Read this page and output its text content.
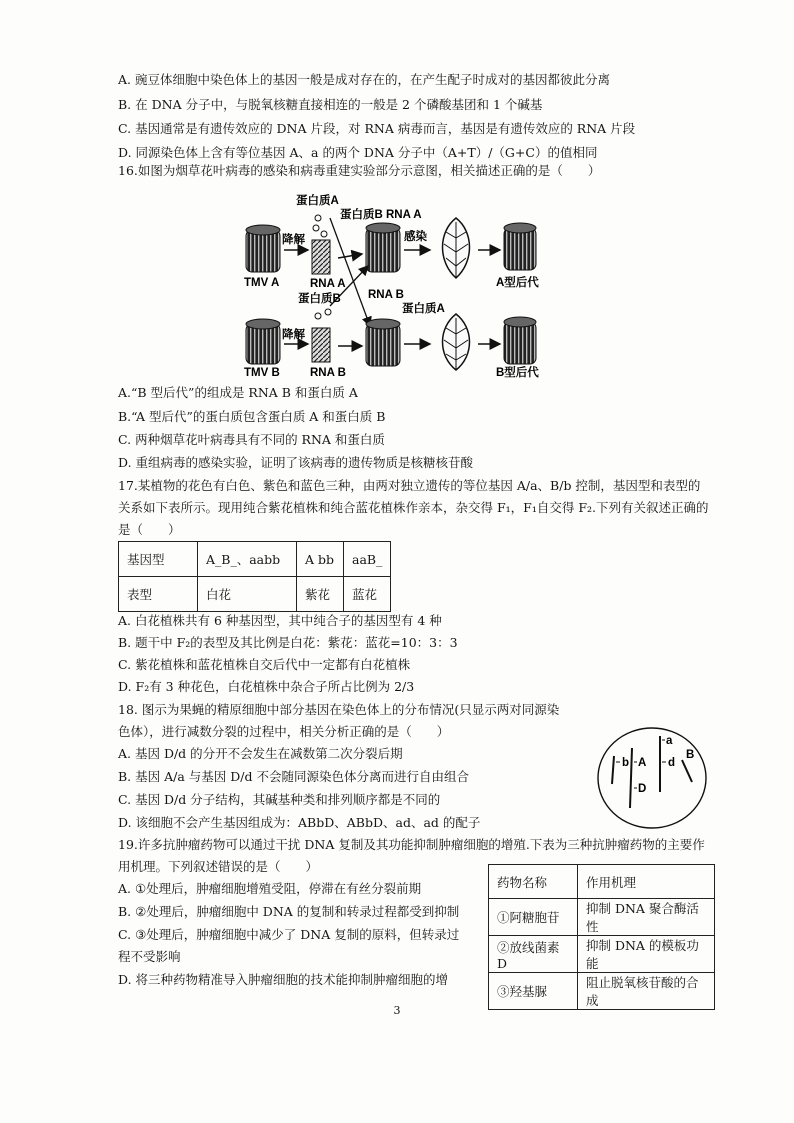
A. 豌豆体细胞中染色体上的基因一般是成对存在的，在产生配子时成对的基因都彼此分离
B. 在 DNA 分子中，与脱氧核糖直接相连的一般是 2 个磷酸基团和 1 个碱基
C. 基因通常是有遗传效应的 DNA 片段，对 RNA 病毒而言，基因是有遗传效应的 RNA 片段
D. 同源染色体上含有等位基因 A、a 的两个 DNA 分子中（A+T）/（G+C）的值相同
16.如图为烟草花叶病毒的感染和病毒重建实验部分示意图，相关描述正确的是（　　）
TMV A
降解
蛋白质A
RNA A
蛋白质B RNA A
感染
A型后代
蛋白质B RNA B
蛋白质A
TMV B
降解
RNA B	B型后代
A.“B 型后代”的组成是 RNA B 和蛋白质 A
B.“A 型后代”的蛋白质包含蛋白质 A 和蛋白质 B
C. 两种烟草花叶病毒具有不同的 RNA 和蛋白质
D. 重组病毒的感染实验，证明了该病毒的遗传物质是核糖核苷酸
17.某植物的花色有白色、紫色和蓝色三种，由两对独立遗传的等位基因 A/a、B/b 控制，基因型和表型的
关系如下表所示。现用纯合紫花植株和纯合蓝花植株作亲本，杂交得 F₁，F₁自交得 F₂.下列有关叙述正确的
是（　　）
基因型	A_B_、aabb	A bb	aaB_
表型	白花	紫花	蓝花
A. 白花植株共有 6 种基因型，其中纯合子的基因型有 4 种
B. 题干中 F₂的表型及其比例是白花：紫花：蓝花=10：3：3
C. 紫花植株和蓝花植株自交后代中一定都有白花植株
D. F₂有 3 种花色，白花植株中杂合子所占比例为 2/3
18. 图示为果蝇的精原细胞中部分基因在染色体上的分布情况(只显示两对同源染
色体），进行减数分裂的过程中，相关分析正确的是（　　）
b A
D
a
d
B
A. 基因 D/d 的分开不会发生在减数第二次分裂后期
B. 基因 A/a 与基因 D/d 不会随同源染色体分离而进行自由组合
C. 基因 D/d 分子结构，其碱基种类和排列顺序都是不同的
D. 该细胞不会产生基因组成为：ABbD、ABbD、ad、ad 的配子
19.许多抗肿瘤药物可以通过干扰 DNA 复制及其功能抑制肿瘤细胞的增殖.下表为三种抗肿瘤药物的主要作
用机理。下列叙述错误的是（　　）
药物名称	作用机理
①阿糖胞苷	抑制 DNA 聚合酶活性
②放线菌素 D	抑制 DNA 的模板功能
③羟基脲	阻止脱氧核苷酸的合成
A. ①处理后，肿瘤细胞增殖受阻，停滞在有丝分裂前期
B. ②处理后，肿瘤细胞中 DNA 的复制和转录过程都受到抑制
C. ③处理后，肿瘤细胞中减少了 DNA 复制的原料，但转录过
程不受影响
D. 将三种药物精准导入肿瘤细胞的技术能抑制肿瘤细胞的增
3
